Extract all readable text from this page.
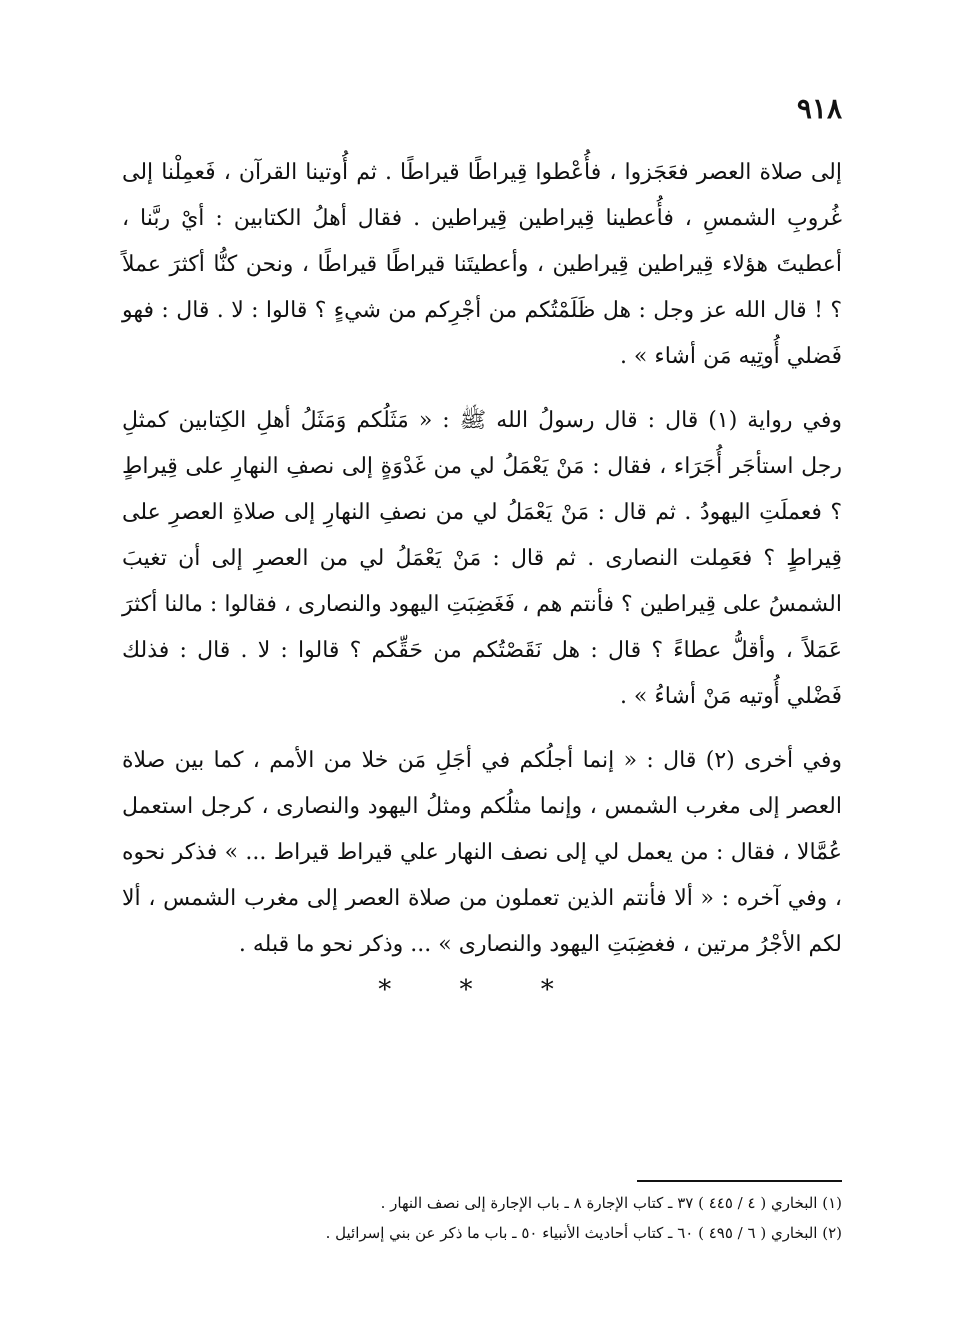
٩١٨

إلى صلاة العصر فعَجَزوا ، فأُعْطوا قِيراطًا قيراطًا . ثم أُوتينا القرآن ، فَعمِلْنا إلى غُروبِ الشمسِ ، فأُعطينا قِيراطين قِيراطين . فقال أهلُ الكتابين : أيْ ربَّنا ، أعطيتَ هؤلاء قِيراطين قِيراطين ، وأعطيتَنا قيراطًا قيراطًا ، ونحن كنُّا أكثرَ عملاً ؟ ! قال الله عز وجل : هل ظَلَمْتُكم من أجْرِكم من شيءٍ ؟ قالوا : لا . قال : فهو فَضلي أُوتِيه مَن أشاء » .

وفي رواية (١) قال : قال رسولُ الله ﷺ : « مَثَلُكم وَمَثَلُ أهلِ الكِتابين كمثلِ رجل استأجَر أُجَرَاء ، فقال : مَنْ يَعْمَلُ لي من غَدْوَةٍ إلى نصفِ النهارِ على قِيراطٍ ؟ فعملَتِ اليهودُ . ثم قال : مَنْ يَعْمَلُ لي من نصفِ النهارِ إلى صلاةِ العصرِ على قِيراطٍ ؟ فعَمِلت النصارى . ثم قال : مَنْ يَعْمَلُ لي من العصرِ إلى أن تغيبَ الشمسُ على قِيراطين ؟ فأنتم هم ، فَغَضِبَتِ اليهود والنصارى ، فقالوا : مالنا أكثرَ عَمَلاً ، وأقلُّ عطاءً ؟ قال : هل نَقَصْتُكم من حَقِّكم ؟ قالوا : لا . قال : فذلك فَضْلي أُوتيه مَنْ أشاءُ » .

وفي أخرى (٢) قال : « إنما أجلُكم في أجَلِ مَن خلا من الأمم ، كما بين صلاة العصر إلى مغرب الشمس ، وإنما مثلُكم ومثلُ اليهود والنصارى ، كرجل استعمل عُمَّالا ، فقال : من يعمل لي إلى نصف النهار علي قيراط قيراط ... » فذكر نحوه ، وفي آخره : « ألا فأنتم الذين تعملون من صلاة العصر إلى مغرب الشمس ، ألا لكم الأجْرُ مرتين ، فغضِبَتِ اليهود والنصارى » ... وذكر نحو ما قبله .

* * *
(١) البخاري ( ٤ / ٤٤٥ ) ٣٧ ـ كتاب الإجارة ٨ ـ باب الإجارة إلى نصف النهار .
(٢) البخاري ( ٦ / ٤٩٥ ) ٦٠ ـ كتاب أحاديث الأنبياء ٥٠ ـ باب ما ذكر عن بني إسرائيل .
